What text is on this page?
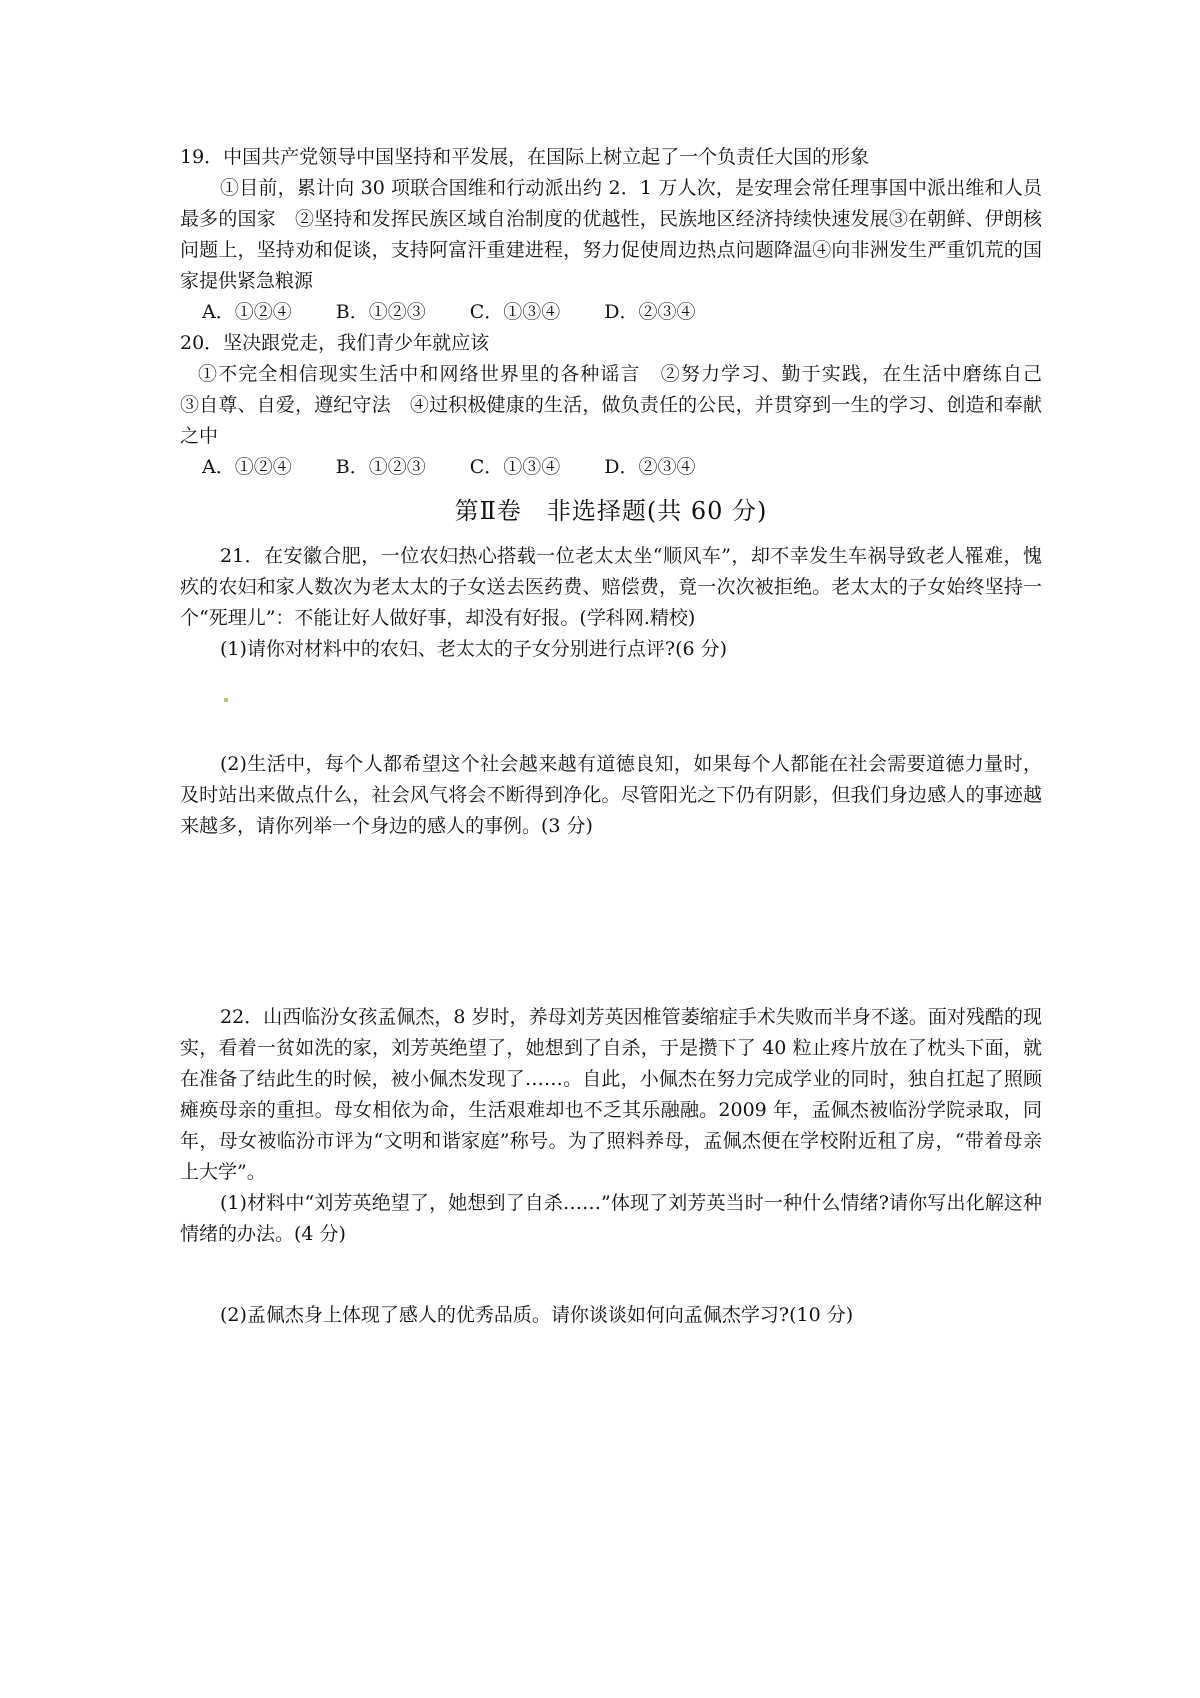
19．中国共产党领导中国坚持和平发展，在国际上树立起了一个负责任大国的形象

①目前，累计向 30 项联合国维和行动派出约 2．1 万人次，是安理会常任理事国中派出维和人员最多的国家　②坚持和发挥民族区域自治制度的优越性，民族地区经济持续快速发展③在朝鲜、伊朗核问题上，坚持劝和促谈，支持阿富汗重建进程，努力促使周边热点问题降温④向非洲发生严重饥荒的国家提供紧急粮源

A．①②④ B．①②③ C．①③④ D．②③④

20．坚决跟党走，我们青少年就应该

①不完全相信现实生活中和网络世界里的各种谣言　②努力学习、勤于实践，在生活中磨练自己　　③自尊、自爱，遵纪守法　④过积极健康的生活，做负责任的公民，并贯穿到一生的学习、创造和奉献之中

A．①②④ B．①②③ C．①③④ D．②③④
第Ⅱ卷　非选择题(共 60 分)

21．在安徽合肥，一位农妇热心搭载一位老太太坐“顺风车”，却不幸发生车祸导致老人罹难，愧疚的农妇和家人数次为老太太的子女送去医药费、赔偿费，竟一次次被拒绝。老太太的子女始终坚持一个“死理儿”：不能让好人做好事，却没有好报。(学科网.精校)

(1)请你对材料中的农妇、老太太的子女分别进行点评?(6 分)

(2)生活中，每个人都希望这个社会越来越有道德良知，如果每个人都能在社会需要道德力量时，及时站出来做点什么，社会风气将会不断得到净化。尽管阳光之下仍有阴影，但我们身边感人的事迹越来越多，请你列举一个身边的感人的事例。(3 分)

22．山西临汾女孩孟佩杰，8 岁时，养母刘芳英因椎管萎缩症手术失败而半身不遂。面对残酷的现实，看着一贫如洗的家，刘芳英绝望了，她想到了自杀，于是攒下了 40 粒止疼片放在了枕头下面，就在准备了结此生的时候，被小佩杰发现了……。自此，小佩杰在努力完成学业的同时，独自扛起了照顾瘫痪母亲的重担。母女相依为命，生活艰难却也不乏其乐融融。2009 年，孟佩杰被临汾学院录取，同年，母女被临汾市评为“文明和谐家庭”称号。为了照料养母，孟佩杰便在学校附近租了房，“带着母亲上大学”。

(1)材料中“刘芳英绝望了，她想到了自杀……”体现了刘芳英当时一种什么情绪?请你写出化解这种情绪的办法。(4 分)

(2)孟佩杰身上体现了感人的优秀品质。请你谈谈如何向孟佩杰学习?(10 分)
